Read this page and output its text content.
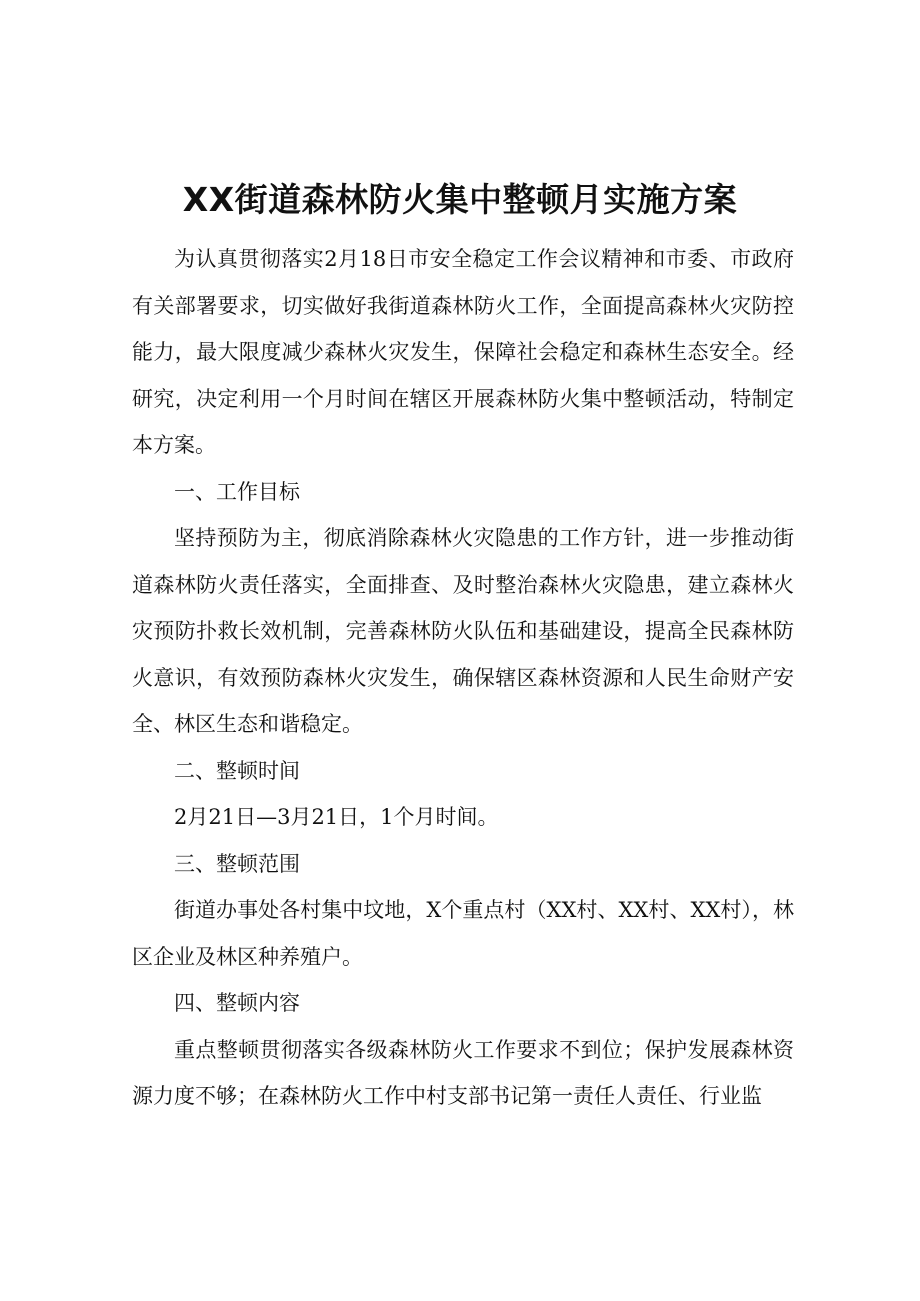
XX街道森林防火集中整顿月实施方案

为认真贯彻落实2月18日市安全稳定工作会议精神和市委、市政府有关部署要求，切实做好我街道森林防火工作，全面提高森林火灾防控能力，最大限度减少森林火灾发生，保障社会稳定和森林生态安全。经研究，决定利用一个月时间在辖区开展森林防火集中整顿活动，特制定本方案。

一、工作目标

坚持预防为主，彻底消除森林火灾隐患的工作方针，进一步推动街道森林防火责任落实，全面排查、及时整治森林火灾隐患，建立森林火灾预防扑救长效机制，完善森林防火队伍和基础建设，提高全民森林防火意识，有效预防森林火灾发生，确保辖区森林资源和人民生命财产安全、林区生态和谐稳定。

二、整顿时间

2月21日—3月21日，1个月时间。

三、整顿范围

街道办事处各村集中坟地，X个重点村（XX村、XX村、XX村），林区企业及林区种养殖户。

四、整顿内容

重点整顿贯彻落实各级森林防火工作要求不到位；保护发展森林资源力度不够；在森林防火工作中村支部书记第一责任人责任、行业监
